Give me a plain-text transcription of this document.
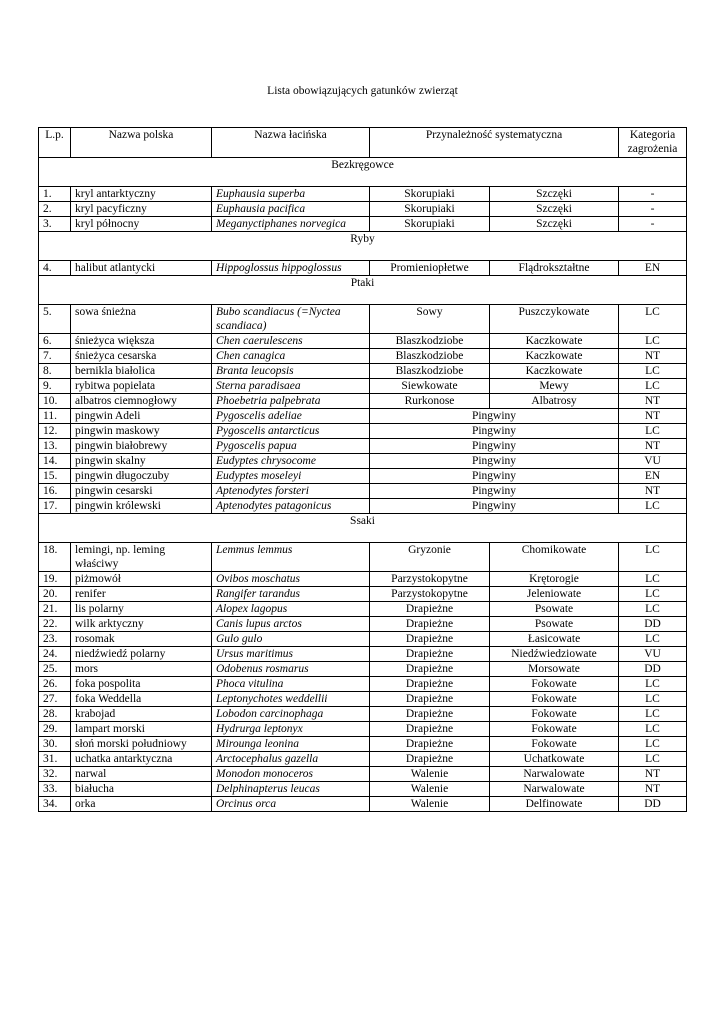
Lista obowiązujących gatunków zwierząt
L.p.	Nazwa polska	Nazwa łacińska	Przynależność systematyczna		Kategoria zagrożenia
Bezkręgowce					
1.	kryl antarktyczny	Euphausia superba	Skorupiaki	Szczęki	-
2.	kryl pacyficzny	Euphausia pacifica	Skorupiaki	Szczęki	-
3.	kryl północny	Meganyctiphanes norvegica	Skorupiaki	Szczęki	-
Ryby					
4.	halibut atlantycki	Hippoglossus hippoglossus	Promieniopłetwe	Flądrokształtne	EN
Ptaki					
5.	sowa śnieżna	Bubo scandiacus (=Nyctea scandiaca)	Sowy	Puszczykowate	LC
6.	śnieżyca większa	Chen caerulescens	Blaszkodziobe	Kaczkowate	LC
7.	śnieżyca cesarska	Chen canagica	Blaszkodziobe	Kaczkowate	NT
8.	bernikla białolica	Branta leucopsis	Blaszkodziobe	Kaczkowate	LC
9.	rybitwa popielata	Sterna paradisaea	Siewkowate	Mewy	LC
10.	albatros ciemnogłowy	Phoebetria palpebrata	Rurkonose	Albatrosy	NT
11.	pingwin Adeli	Pygoscelis adeliae	Pingwiny		NT
12.	pingwin maskowy	Pygoscelis antarcticus	Pingwiny		LC
13.	pingwin białobrewy	Pygoscelis papua	Pingwiny		NT
14.	pingwin skalny	Eudyptes chrysocome	Pingwiny		VU
15.	pingwin długoczuby	Eudyptes moseleyi	Pingwiny		EN
16.	pingwin cesarski	Aptenodytes forsteri	Pingwiny		NT
17.	pingwin królewski	Aptenodytes patagonicus	Pingwiny		LC
Ssaki					
18.	lemingi, np. leming właściwy	Lemmus lemmus	Gryzonie	Chomikowate	LC
19.	piżmowół	Ovibos moschatus	Parzystokopytne	Krętorogie	LC
20.	renifer	Rangifer tarandus	Parzystokopytne	Jeleniowate	LC
21.	lis polarny	Alopex lagopus	Drapieżne	Psowate	LC
22.	wilk arktyczny	Canis lupus arctos	Drapieżne	Psowate	DD
23.	rosomak	Gulo gulo	Drapieżne	Łasicowate	LC
24.	niedźwiedź polarny	Ursus maritimus	Drapieżne	Niedźwiedziowate	VU
25.	mors	Odobenus rosmarus	Drapieżne	Morsowate	DD
26.	foka pospolita	Phoca vitulina	Drapieżne	Fokowate	LC
27.	foka Weddella	Leptonychotes weddellii	Drapieżne	Fokowate	LC
28.	krabojad	Lobodon carcinophaga	Drapieżne	Fokowate	LC
29.	lampart morski	Hydrurga leptonyx	Drapieżne	Fokowate	LC
30.	słoń morski południowy	Mirounga leonina	Drapieżne	Fokowate	LC
31.	uchatka antarktyczna	Arctocephalus gazella	Drapieżne	Uchatkowate	LC
32.	narwal	Monodon monoceros	Walenie	Narwalowate	NT
33.	białucha	Delphinapterus leucas	Walenie	Narwalowate	NT
34.	orka	Orcinus orca	Walenie	Delfinowate	DD
